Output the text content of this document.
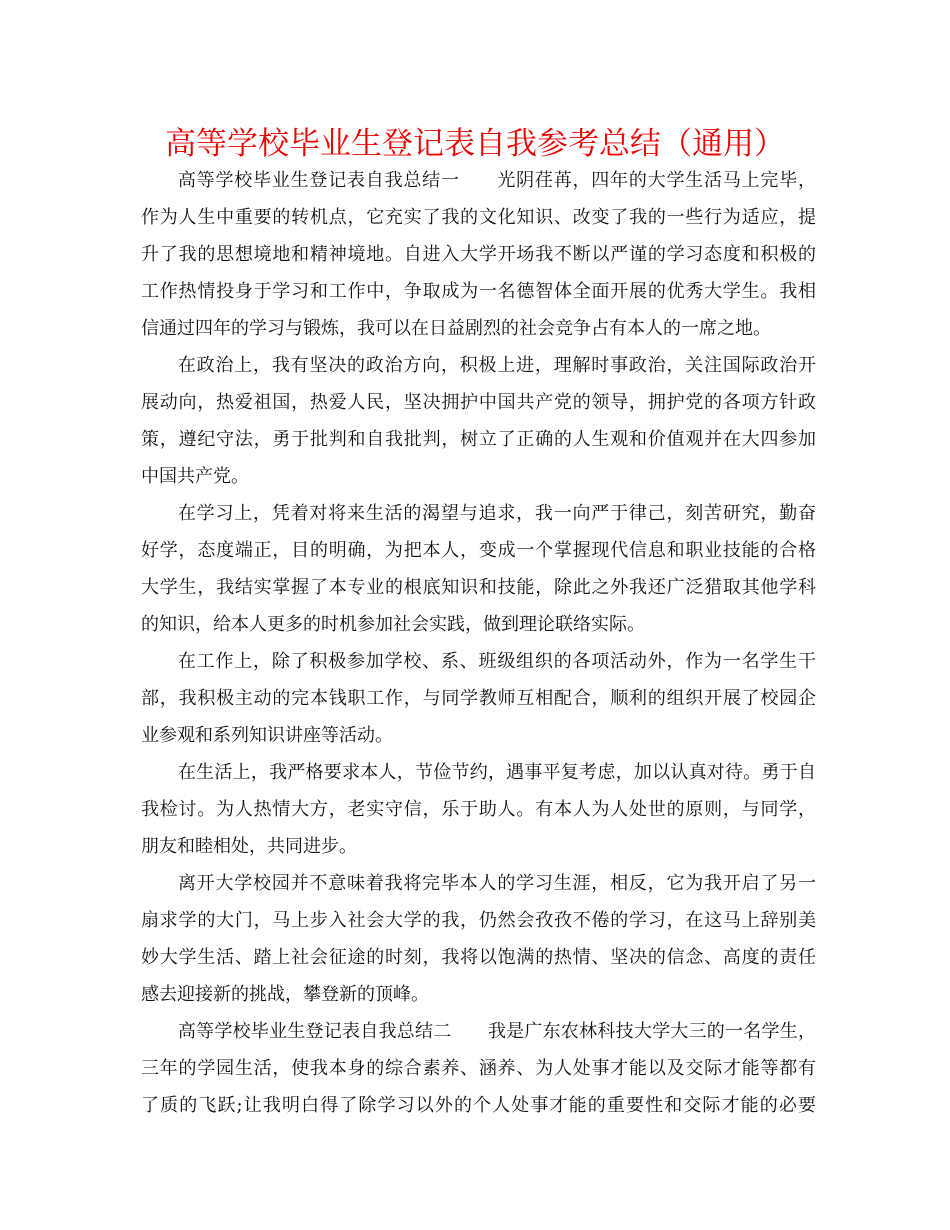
高等学校毕业生登记表自我参考总结（通用）

高等学校毕业生登记表自我总结一　　光阴荏苒，四年的大学生活马上完毕，
作为人生中重要的转机点，它充实了我的文化知识、改变了我的一些行为适应，提
升了我的思想境地和精神境地。自进入大学开场我不断以严谨的学习态度和积极的
工作热情投身于学习和工作中，争取成为一名德智体全面开展的优秀大学生。我相
信通过四年的学习与锻炼，我可以在日益剧烈的社会竞争占有本人的一席之地。

在政治上，我有坚决的政治方向，积极上进，理解时事政治，关注国际政治开
展动向，热爱祖国，热爱人民，坚决拥护中国共产党的领导，拥护党的各项方针政
策，遵纪守法，勇于批判和自我批判，树立了正确的人生观和价值观并在大四参加
中国共产党。

在学习上，凭着对将来生活的渴望与追求，我一向严于律己，刻苦研究，勤奋
好学，态度端正，目的明确，为把本人，变成一个掌握现代信息和职业技能的合格
大学生，我结实掌握了本专业的根底知识和技能，除此之外我还广泛猎取其他学科
的知识，给本人更多的时机参加社会实践，做到理论联络实际。

在工作上，除了积极参加学校、系、班级组织的各项活动外，作为一名学生干
部，我积极主动的完本钱职工作，与同学教师互相配合，顺利的组织开展了校园企
业参观和系列知识讲座等活动。

在生活上，我严格要求本人，节俭节约，遇事平复考虑，加以认真对待。勇于自
我检讨。为人热情大方，老实守信，乐于助人。有本人为人处世的原则，与同学，
朋友和睦相处，共同进步。

离开大学校园并不意味着我将完毕本人的学习生涯，相反，它为我开启了另一
扇求学的大门，马上步入社会大学的我，仍然会孜孜不倦的学习，在这马上辞别美
妙大学生活、踏上社会征途的时刻，我将以饱满的热情、坚决的信念、高度的责任
感去迎接新的挑战，攀登新的顶峰。

高等学校毕业生登记表自我总结二　　我是广东农林科技大学大三的一名学生，
三年的学园生活，使我本身的综合素养、涵养、为人处事才能以及交际才能等都有
了质的飞跃;让我明白得了除学习以外的个人处事才能的重要性和交际才能的必要
